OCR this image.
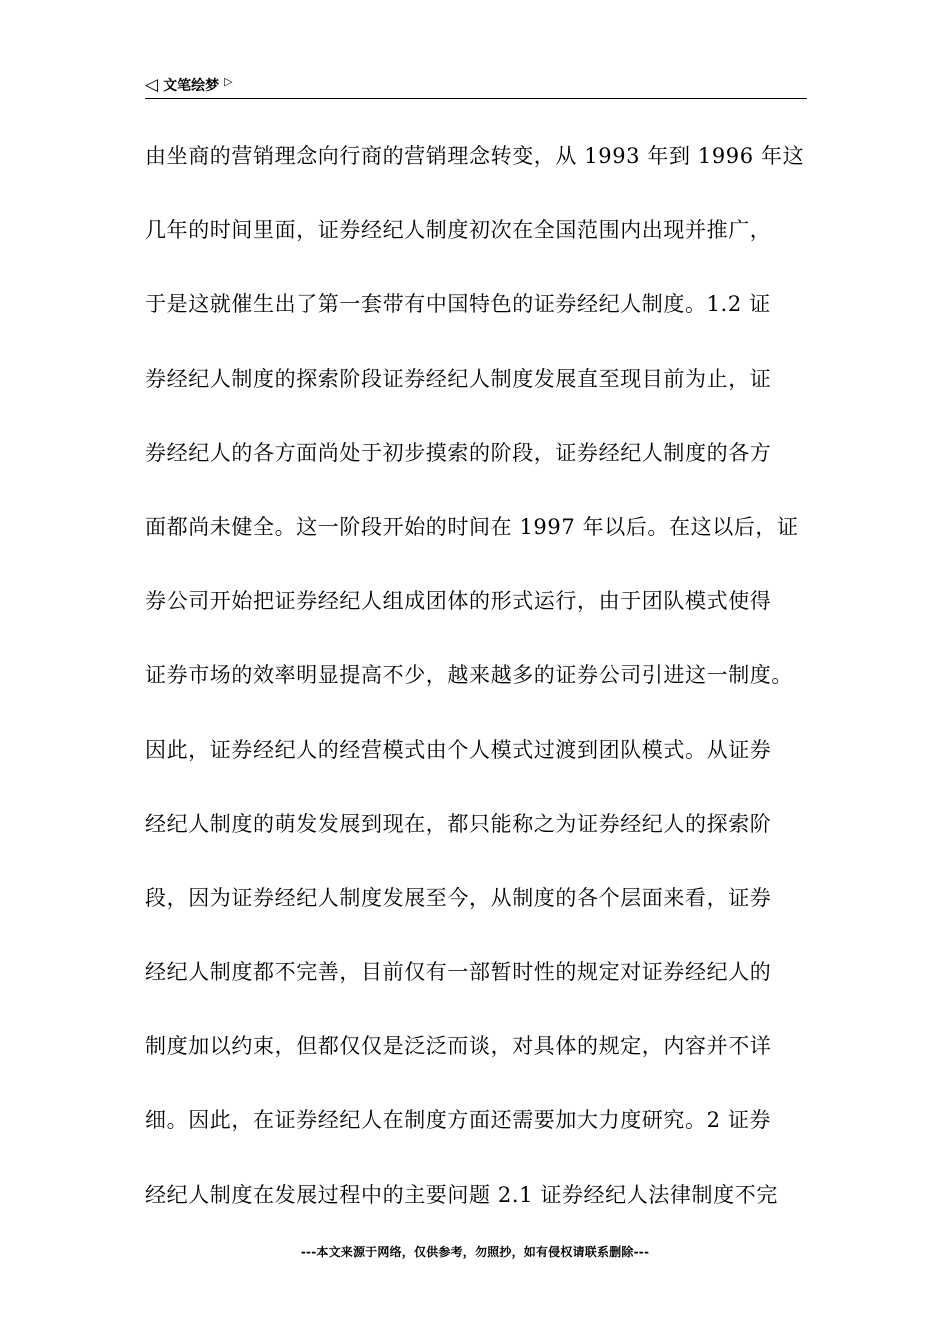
◁ 文笔绘梦 ▷
由坐商的营销理念向行商的营销理念转变，从 1993 年到 1996 年这
几年的时间里面，证券经纪人制度初次在全国范围内出现并推广，
于是这就催生出了第一套带有中国特色的证券经纪人制度。1.2 证
券经纪人制度的探索阶段证券经纪人制度发展直至现目前为止，证
券经纪人的各方面尚处于初步摸索的阶段，证券经纪人制度的各方
面都尚未健全。这一阶段开始的时间在 1997 年以后。在这以后，证
券公司开始把证券经纪人组成团体的形式运行，由于团队模式使得
证券市场的效率明显提高不少，越来越多的证券公司引进这一制度。
因此，证券经纪人的经营模式由个人模式过渡到团队模式。从证券
经纪人制度的萌发发展到现在，都只能称之为证券经纪人的探索阶
段，因为证券经纪人制度发展至今，从制度的各个层面来看，证券
经纪人制度都不完善，目前仅有一部暂时性的规定对证券经纪人的
制度加以约束，但都仅仅是泛泛而谈，对具体的规定，内容并不详
细。因此，在证券经纪人在制度方面还需要加大力度研究。2 证券
经纪人制度在发展过程中的主要问题 2.1 证券经纪人法律制度不完
---本文来源于网络，仅供参考，勿照抄，如有侵权请联系删除---
